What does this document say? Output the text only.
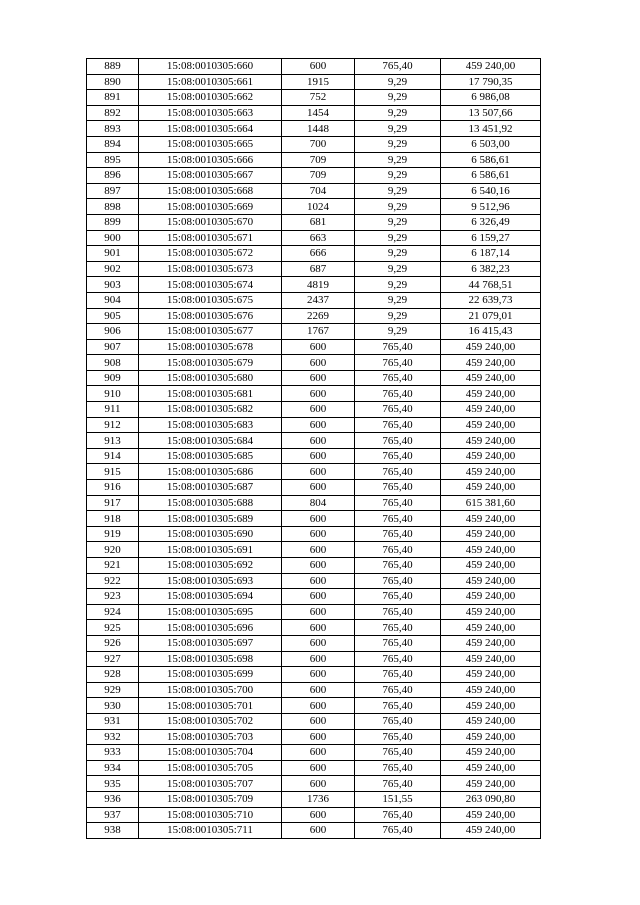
889	15:08:0010305:660	600	765,40	459 240,00
890	15:08:0010305:661	1915	9,29	17 790,35
891	15:08:0010305:662	752	9,29	6 986,08
892	15:08:0010305:663	1454	9,29	13 507,66
893	15:08:0010305:664	1448	9,29	13 451,92
894	15:08:0010305:665	700	9,29	6 503,00
895	15:08:0010305:666	709	9,29	6 586,61
896	15:08:0010305:667	709	9,29	6 586,61
897	15:08:0010305:668	704	9,29	6 540,16
898	15:08:0010305:669	1024	9,29	9 512,96
899	15:08:0010305:670	681	9,29	6 326,49
900	15:08:0010305:671	663	9,29	6 159,27
901	15:08:0010305:672	666	9,29	6 187,14
902	15:08:0010305:673	687	9,29	6 382,23
903	15:08:0010305:674	4819	9,29	44 768,51
904	15:08:0010305:675	2437	9,29	22 639,73
905	15:08:0010305:676	2269	9,29	21 079,01
906	15:08:0010305:677	1767	9,29	16 415,43
907	15:08:0010305:678	600	765,40	459 240,00
908	15:08:0010305:679	600	765,40	459 240,00
909	15:08:0010305:680	600	765,40	459 240,00
910	15:08:0010305:681	600	765,40	459 240,00
911	15:08:0010305:682	600	765,40	459 240,00
912	15:08:0010305:683	600	765,40	459 240,00
913	15:08:0010305:684	600	765,40	459 240,00
914	15:08:0010305:685	600	765,40	459 240,00
915	15:08:0010305:686	600	765,40	459 240,00
916	15:08:0010305:687	600	765,40	459 240,00
917	15:08:0010305:688	804	765,40	615 381,60
918	15:08:0010305:689	600	765,40	459 240,00
919	15:08:0010305:690	600	765,40	459 240,00
920	15:08:0010305:691	600	765,40	459 240,00
921	15:08:0010305:692	600	765,40	459 240,00
922	15:08:0010305:693	600	765,40	459 240,00
923	15:08:0010305:694	600	765,40	459 240,00
924	15:08:0010305:695	600	765,40	459 240,00
925	15:08:0010305:696	600	765,40	459 240,00
926	15:08:0010305:697	600	765,40	459 240,00
927	15:08:0010305:698	600	765,40	459 240,00
928	15:08:0010305:699	600	765,40	459 240,00
929	15:08:0010305:700	600	765,40	459 240,00
930	15:08:0010305:701	600	765,40	459 240,00
931	15:08:0010305:702	600	765,40	459 240,00
932	15:08:0010305:703	600	765,40	459 240,00
933	15:08:0010305:704	600	765,40	459 240,00
934	15:08:0010305:705	600	765,40	459 240,00
935	15:08:0010305:707	600	765,40	459 240,00
936	15:08:0010305:709	1736	151,55	263 090,80
937	15:08:0010305:710	600	765,40	459 240,00
938	15:08:0010305:711	600	765,40	459 240,00
